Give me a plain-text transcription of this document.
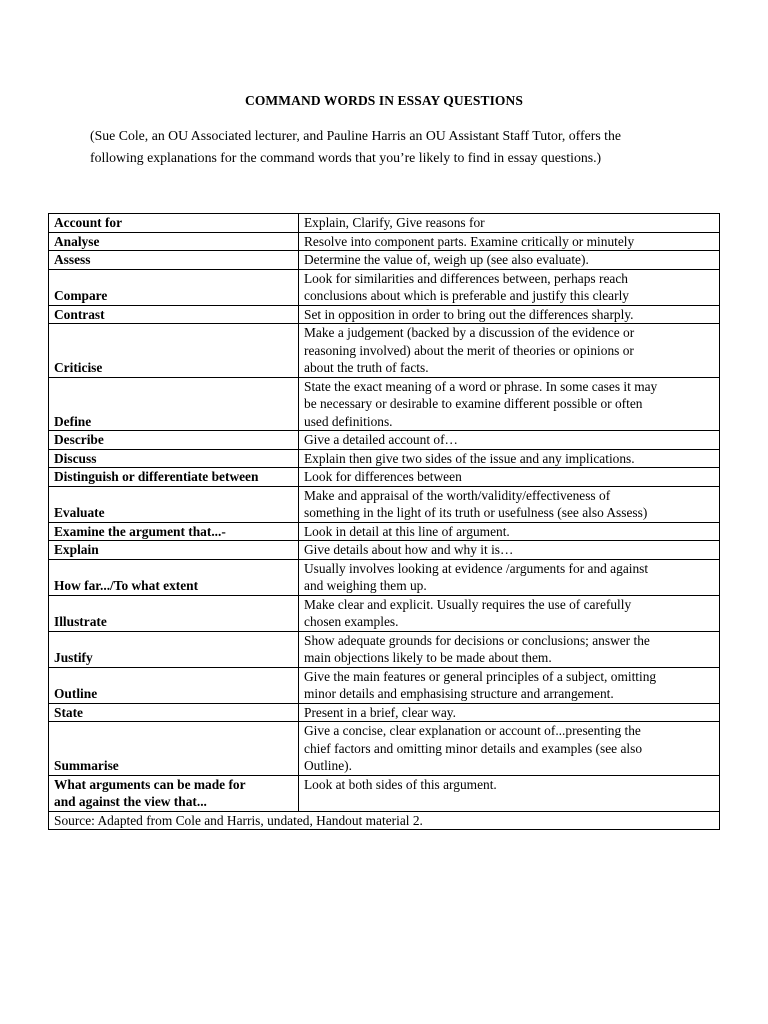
COMMAND WORDS IN ESSAY QUESTIONS
(Sue Cole, an OU Associated lecturer, and Pauline Harris an OU Assistant Staff Tutor, offers the
following explanations for the command words that you’re likely to find in essay questions.)
Account for	Explain, Clarify, Give reasons for

Analyse	Resolve into component parts. Examine critically or minutely

Assess	Determine the value of, weigh up (see also evaluate).

Compare	Look for similarities and differences between, perhaps reach
conclusions about which is preferable and justify this clearly

Contrast	Set in opposition in order to bring out the differences sharply.

Criticise	Make a judgement (backed by a discussion of the evidence or
reasoning involved) about the merit of theories or opinions or
about the truth of facts.

Define	State the exact meaning of a word or phrase. In some cases it may
be necessary or desirable to examine different possible or often
used definitions.

Describe	Give a detailed account of…

Discuss	Explain then give two sides of the issue and any implications.

Distinguish or differentiate between	Look for differences between

Evaluate	Make and appraisal of the worth/validity/effectiveness of
something in the light of its truth or usefulness (see also Assess)

Examine the argument that...-	Look in detail at this line of argument.

Explain	Give details about how and why it is…

How far.../To what extent	Usually involves looking at evidence /arguments for and against
and weighing them up.

Illustrate	Make clear and explicit. Usually requires the use of carefully
chosen examples.

Justify	Show adequate grounds for decisions or conclusions; answer the
main objections likely to be made about them.

Outline	Give the main features or general principles of a subject, omitting
minor details and emphasising structure and arrangement.

State	Present in a brief, clear way.

Summarise	Give a concise, clear explanation or account of...presenting the
chief factors and omitting minor details and examples (see also
Outline).

What arguments can be made for
and against the view that...	Look at both sides of this argument.

Source: Adapted from Cole and Harris, undated, Handout material 2.	
